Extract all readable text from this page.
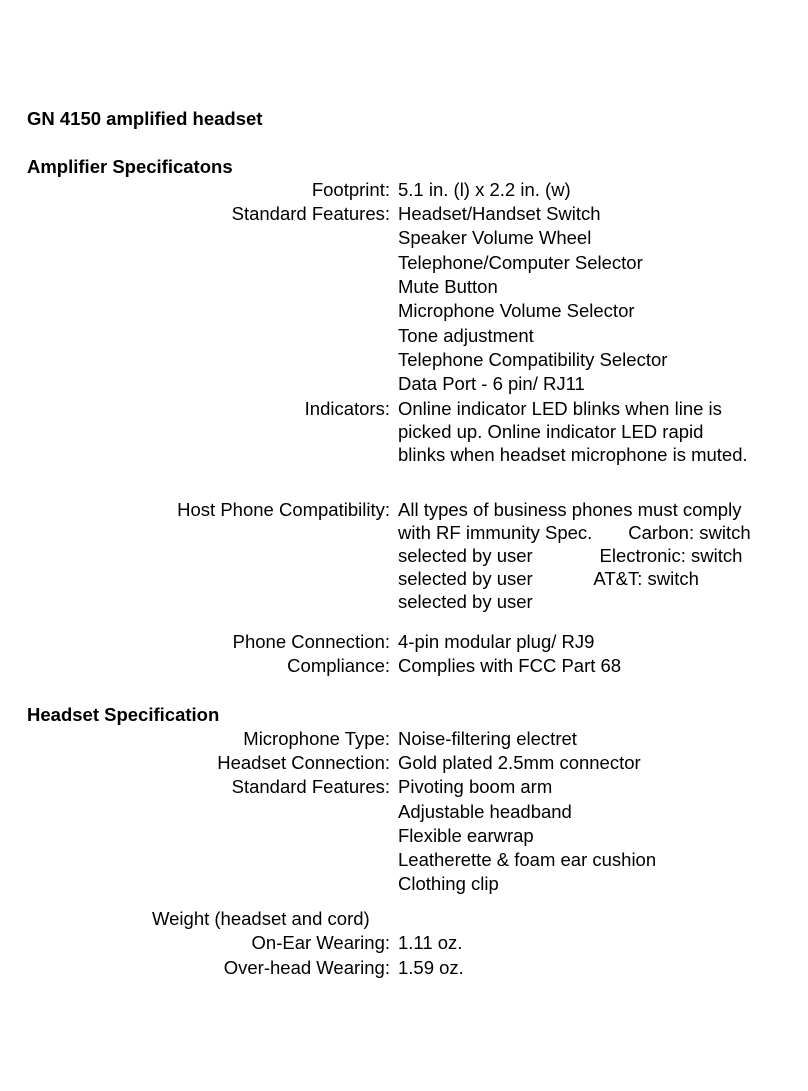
GN 4150 amplified headset
Amplifier Specificatons
Footprint: 5.1 in. (l) x 2.2 in. (w)
Standard Features: Headset/Handset Switch
Speaker Volume Wheel
Telephone/Computer Selector
Mute Button
Microphone Volume Selector
Tone adjustment
Telephone Compatibility Selector
Data Port - 6 pin/ RJ11
Indicators: Online indicator LED blinks when line is
picked up. Online indicator LED rapid
blinks when headset microphone is muted.
Host Phone Compatibility: All types of business phones must comply
with RF immunity Spec.       Carbon: switch
selected by user             Electronic: switch
selected by user            AT&T: switch
selected by user
Phone Connection: 4-pin modular plug/ RJ9
Compliance: Complies with FCC Part 68
Headset Specification
Microphone Type: Noise-filtering electret
Headset Connection: Gold plated 2.5mm connector
Standard Features: Pivoting boom arm
Adjustable headband
Flexible earwrap
Leatherette & foam ear cushion
Clothing clip
Weight (headset and cord)
On-Ear Wearing: 1.11 oz.
Over-head Wearing: 1.59 oz.
